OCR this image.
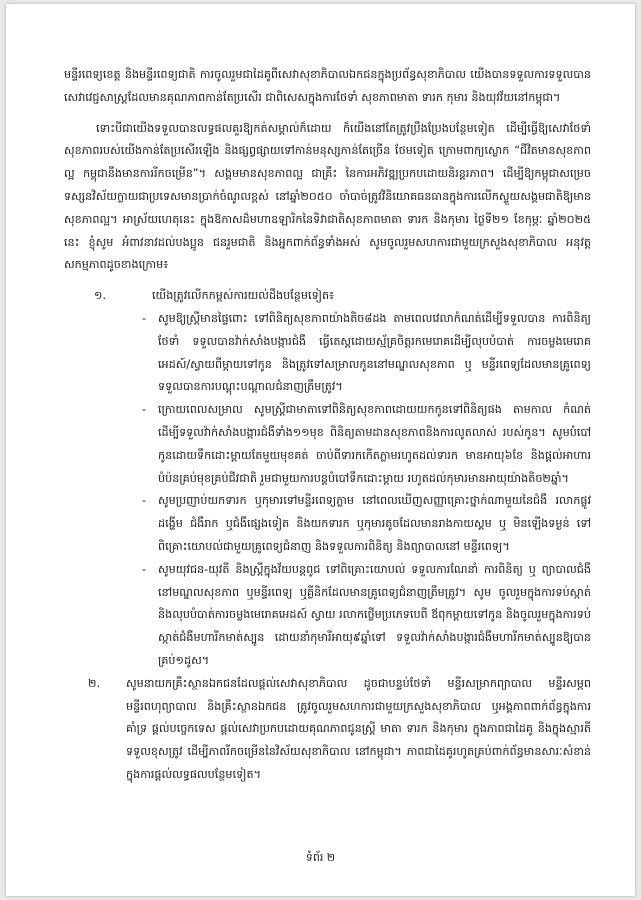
មន្ទីរពេទ្យខេត្ត និងមន្ទីរពេទ្យជាតិ ការចូលរួមជាដៃគូពីសេវាសុខាភិបាលឯកជនក្នុងប្រព័ន្ធសុខាភិបាល យើងបានទទួលការទទួលបានសេវាវេជ្ជសាស្ត្រដែលមានគុណភាពកាន់តែប្រសើរ ជាពិសេសក្នុងការថែទាំ សុខភាពមាតា ទារក កុមារ និងយុវវ័យនៅកម្ពុជា។

ទោះបីជាយើងទទួលបានលទ្ធផលគួរឱ្យកត់សម្គាល់ក៏ដោយ ក៏យើងនៅតែត្រូវប្រឹងប្រែងបន្ថែមទៀត ដើម្បីធ្វើឱ្យសេវាថែទាំសុខភាពរបស់យើងកាន់តែប្រសើរឡើង និងផ្សព្វផ្សាយទៅកាន់មនុស្សកាន់តែច្រើន ថែមទៀត ក្រោមពាក្យស្លោក “ជីវិតមានសុខភាពល្អ កម្ពុជានឹងមានការរីកចម្រើន”។ សង្គមមានសុខភាពល្អ ជាគ្រឹះ នៃការអភិវឌ្ឍប្រកបដោយនិរន្តរភាព។ ដើម្បីឱ្យកម្ពុជាសម្រេចទស្សនវិស័យក្លាយជាប្រទេសមានប្រាក់ចំណូលខ្ពស់ នៅឆ្នាំ២០៥០ ចាំបាច់ត្រូវវិនិយោគធនធានក្នុងការលើកស្ទួយសង្គមជាតិឱ្យមានសុខភាពល្អ។ អាស្រ័យហេតុនេះ ក្នុងឱកាសដ៏មហាឧឡារិកនៃទិវាជាតិសុខភាពមាតា ទារក និងកុមារ ថ្ងៃទី២១ ខែកុម្ភៈ ឆ្នាំ២០២៥ នេះ ខ្ញុំសូម អំពាវនាវដល់បងប្អូន ជនរួមជាតិ និងអ្នកពាក់ព័ន្ធទាំងអស់ សូមចូលរួមសហការជាមួយក្រសួងសុខាភិបាល អនុវត្តសកម្មភាពដូចខាងក្រោម៖

១.	យើងត្រូវលើកកម្ពស់ការយល់ដឹងបន្ថែមទៀត៖
-	សូមឱ្យស្ត្រីមានផ្ទៃពោះ ទៅពិនិត្យសុខភាពយ៉ាងតិច៨ដង តាមពេលវេលាកំណត់ដើម្បីទទួលបាន ការពិនិត្យថែទាំ ទទួលបានវ៉ាក់សាំងបង្ការជំងឺ ធ្វើតេស្តដោយស្ម័គ្រចិត្តរកមេរោគដើម្បីលុបបំបាត់ ការចម្លងមេរោគអេដស៍/ស្វាយពីម្តាយទៅកូន និងត្រូវទៅសម្រាលកូននៅមណ្ឌលសុខភាព ឬ មន្ទីរពេទ្យដែលមានគ្រូពេទ្យទទួលបានការបណ្តុះបណ្តាលជំនាញត្រឹមត្រូវ។
-	ក្រោយពេលសម្រាល សូមស្ត្រីជាមាតាទៅពិនិត្យសុខភាពដោយយកកូនទៅពិនិត្យផង តាមកាល កំណត់ ដើម្បីទទួលវ៉ាក់សាំងបង្ការជំងឺទាំង១១មុខ ពិនិត្យតាមដានសុខភាពនិងការលូតលាស់ របស់កូន។ សូមបំបៅកូនដោយទឹកដោះម្តាយតែមួយមុខគត់ ចាប់ពីទារកកើតភ្លាមរហូតដល់ទារក មានអាយុ៦ខែ និងផ្តល់អាហារបំប៉នគ្រប់មុខគ្រប់ជីវជាតិ រួមជាមួយការបន្តបំបៅទឹកដោះម្តាយ រហូតដល់កុមារមានអាយុយ៉ាងតិច២ឆ្នាំ។
-	សូមប្រញាប់យកទារក ឬកុមារទៅមន្ទីរពេទ្យភ្លាម នៅពេលឃើញសញ្ញាគ្រោះថ្នាក់ណាមួយនៃជំងឺ រលាកផ្លូវដង្ហើម ជំងឺរាក ឬជំងឺផ្សេងទៀត និងយកទារក ឬកុមារតូចដែលមានរាងកាយស្គម ឬ មិនឡើងទម្ងន់ ទៅពិគ្រោះយោបល់ជាមួយគ្រូពេទ្យជំនាញ និងទទួលការពិនិត្យ និងព្យាបាលនៅ មន្ទីរពេទ្យ។
-	សូមយុវជន-យុវតី និងស្ត្រីក្នុងវ័យបន្តពូជ ទៅពិគ្រោះយោបល់ ទទួលការណែនាំ ការពិនិត្យ ឬ ព្យាបាលជំងឺនៅមណ្ឌលសុខភាព ឬមន្ទីរពេទ្យ ឬគ្លីនិកដែលមានគ្រូពេទ្យជំនាញត្រឹមត្រូវ។ សូម ចូលរួមក្នុងការទប់ស្កាត់ និងលុបបំបាត់ការចម្លងមេរោគអេដស៍ ស្វាយ រលាកថ្លើមប្រភេទបេពី ឪពុកម្តាយទៅកូន និងចូលរួមក្នុងការទប់ស្កាត់ជំងឺមហារីកមាត់ស្បូន ដោយនាំកុមារីអាយុ៩ឆ្នាំទៅ ទទួលវ៉ាក់សាំងបង្ការជំងឺមហារីកមាត់ស្បូនឱ្យបានគ្រប់១ដូស។
២.	សូមនាយកគ្រឹះស្ថានឯកជនដែលផ្តល់សេវាសុខាភិបាល ដូចជាបន្ទប់ថែទាំ មន្ទីរសម្រាកព្យាបាល មន្ទីរសម្ភព មន្ទីរពហុព្យាបាល និងគ្រឹះស្ថានឯកជន ត្រូវចូលរួមសហការជាមួយក្រសួងសុខាភិបាល ឬអង្គភាពពាក់ព័ន្ធក្នុងការគាំទ្រ ផ្តល់បច្ចេកទេស ផ្តល់សេវាប្រកបដោយគុណភាពជូនស្ត្រី មាតា ទារក និងកុមារ ក្នុងភាពជាដៃគូ និងក្នុងស្មារតីទទួលខុសត្រូវ ដើម្បីភាពរីកចម្រើននៃវិស័យសុខាភិបាល នៅកម្ពុជា។ ភាពជាដៃគូរហូតគ្រប់ពាក់ព័ន្ធមានសារៈសំខាន់ក្នុងការផ្តល់លទ្ធផលបន្ថែមទៀត។
ទំព័រ ២
